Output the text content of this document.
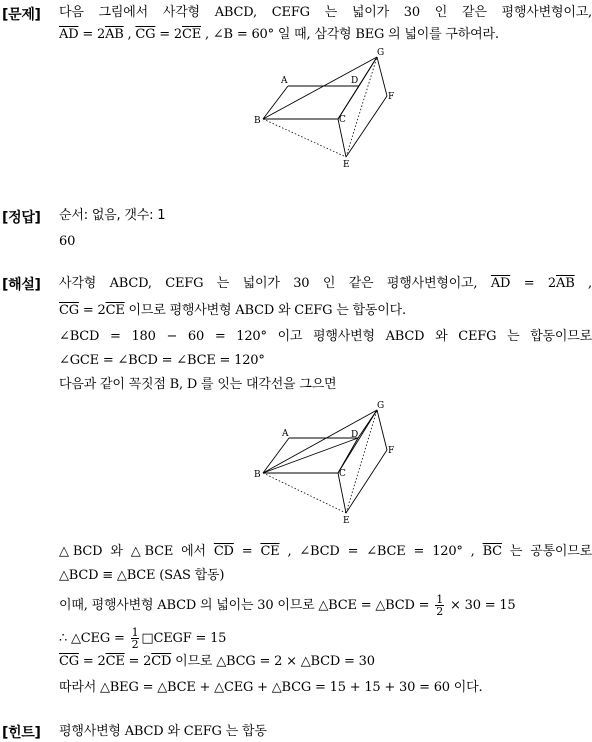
[문제] 다음 그림에서 사각형 ABCD, CEFG 는 넓이가 30 인 같은 평행사변형이고,
$\overline{AD} = 2\overline{AB}$ , $\overline{CG} = 2\overline{CE}$ , ∠B = 60° 일 때, 삼각형 BEG 의 넓이를 구하여라.
A
B	C
D
E
F
G
[정답] 순서: 없음, 갯수: 1
60
[해설] 사각형 ABCD, CEFG 는 넓이가 30 인 같은 평행사변형이고, $\overline{AD} = 2\overline{AB}$ ,
$\overline{CG} = 2\overline{CE}$ 이므로 평행사변형 ABCD 와 CEFG 는 합동이다.
∠BCD = 180 − 60 = 120° 이고 평행사변형 ABCD 와 CEFG 는 합동이므로
∠GCE = ∠BCD = ∠BCE = 120°
다음과 같이 꼭짓점 B, D 를 잇는 대각선을 그으면
A
B	C
D
E
F
G
△BCD 와 △BCE 에서 $\overline{CD} = \overline{CE}$ , ∠BCD = ∠BCE = 120° , $\overline{BC}$ 는 공통이므로
△BCD ≡ △BCE (SAS 합동)
이때, 평행사변형 ABCD 의 넓이는 30 이므로 △BCE = △BCD = $\frac{1}{2} \times 30 = 15$
∴ △CEG = $\frac{1}{2}$ □CEGF = 15
$\overline{CG} = 2\overline{CE} = 2\overline{CD}$ 이므로 △BCG = 2 × △BCD = 30
따라서 △BEG = △BCE + △CEG + △BCG = 15 + 15 + 30 = 60 이다.
[힌트] 평행사변형 ABCD 와 CEFG 는 합동
